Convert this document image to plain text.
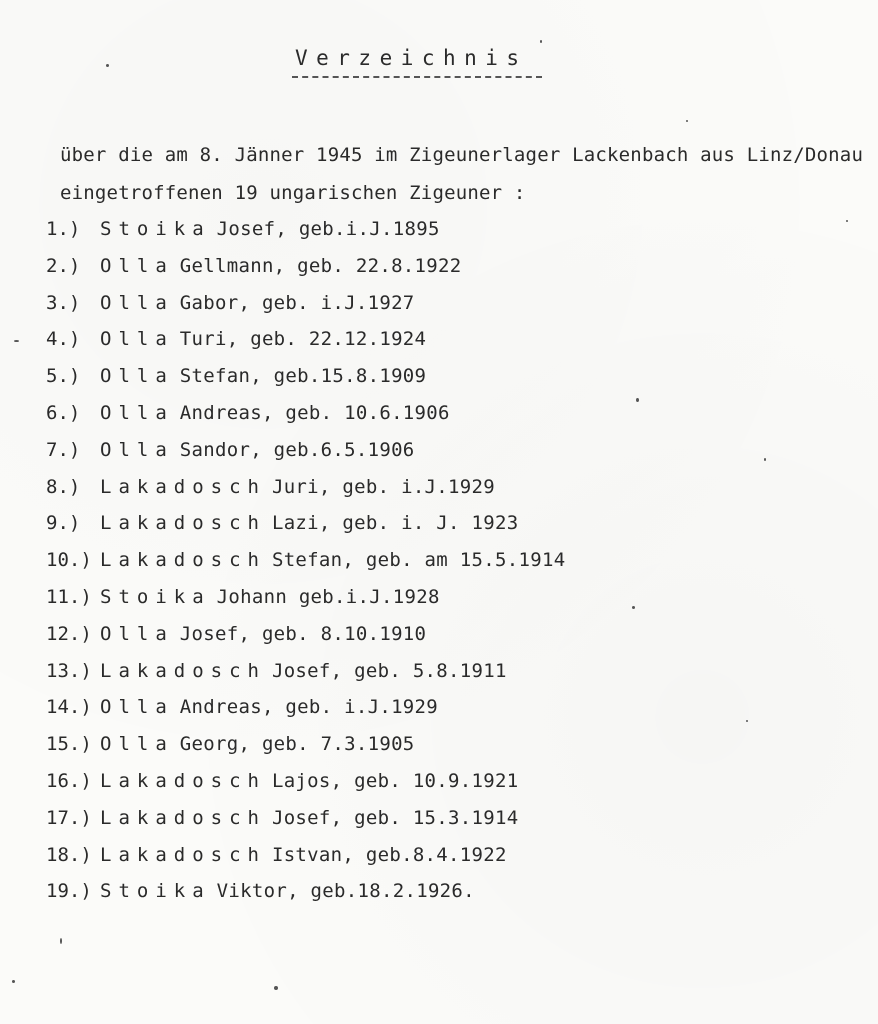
Verzeichnis
über die am 8. Jänner 1945 im Zigeunerlager Lackenbach aus Linz/Donau
eingetroffenen 19 ungarischen Zigeuner :
1.) Stoika Josef, geb.i.J.1895
2.) Olla Gellmann, geb. 22.8.1922
3.) Olla Gabor, geb. i.J.1927
4.) Olla Turi, geb. 22.12.1924
5.) Olla Stefan, geb.15.8.1909
6.) Olla Andreas, geb. 10.6.1906
7.) Olla Sandor, geb.6.5.1906
8.) Lakadosch Juri, geb. i.J.1929
9.) Lakadosch Lazi, geb. i. J. 1923
10.) Lakadosch Stefan, geb. am 15.5.1914
11.) Stoika Johann geb.i.J.1928
12.) Olla Josef, geb. 8.10.1910
13.) Lakadosch Josef, geb. 5.8.1911
14.) Olla Andreas, geb. i.J.1929
15.) Olla Georg, geb. 7.3.1905
16.) Lakadosch Lajos, geb. 10.9.1921
17.) Lakadosch Josef, geb. 15.3.1914
18.) Lakadosch Istvan, geb.8.4.1922
19.) Stoika Viktor, geb.18.2.1926.
